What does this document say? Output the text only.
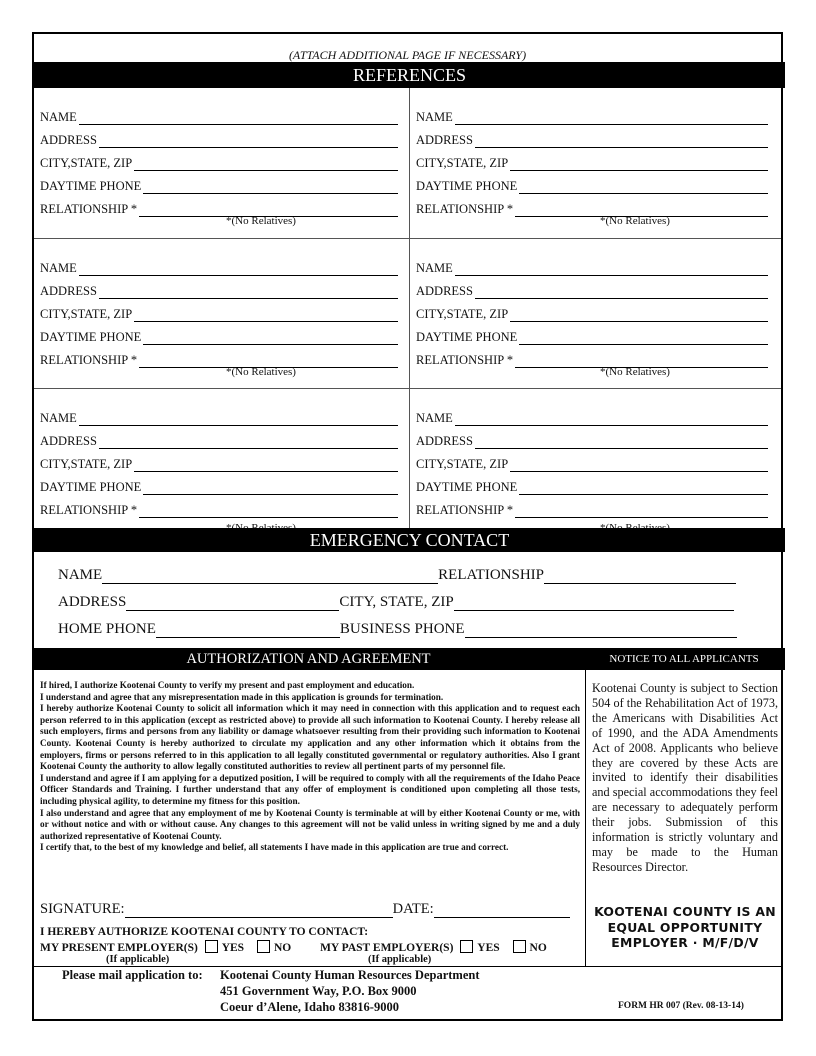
(ATTACH ADDITIONAL PAGE IF NECESSARY)
REFERENCES
NAME
ADDRESS
CITY,STATE, ZIP
DAYTIME PHONE
RELATIONSHIP *
*(No Relatives)
NAME
ADDRESS
CITY,STATE, ZIP
DAYTIME PHONE
RELATIONSHIP *
*(No Relatives)
NAME
ADDRESS
CITY,STATE, ZIP
DAYTIME PHONE
RELATIONSHIP *
*(No Relatives)
NAME
ADDRESS
CITY,STATE, ZIP
DAYTIME PHONE
RELATIONSHIP *
*(No Relatives)
NAME
ADDRESS
CITY,STATE, ZIP
DAYTIME PHONE
RELATIONSHIP *
NAME
ADDRESS
CITY,STATE, ZIP
DAYTIME PHONE
RELATIONSHIP *
EMERGENCY CONTACT
NAME	RELATIONSHIP
ADDRESS	CITY, STATE, ZIP
HOME PHONE	BUSINESS PHONE
AUTHORIZATION AND AGREEMENT	NOTICE TO ALL APPLICANTS
If hired, I authorize Kootenai County to verify my present and past employment and education.
I understand and agree that any misrepresentation made in this application is grounds for termination.
I hereby authorize Kootenai County to solicit all information which it may need in connection with this application and to request each person referred to in this application (except as restricted above) to provide all such information to Kootenai County. I hereby release all such employers, firms and persons from any liability or damage whatsoever resulting from their providing such information to Kootenai County. Kootenai County is hereby authorized to circulate my application and any other information which it obtains from the employers, firms or persons referred to in this application to all legally constituted governmental or regulatory authorities. Also I grant Kootenai County the authority to allow legally constituted authorities to review all pertinent parts of my personnel file.
I understand and agree if I am applying for a deputized position, I will be required to comply with all the requirements of the Idaho Peace Officer Standards and Training. I further understand that any offer of employment is conditioned upon completing all those tests, including physical agility, to determine my fitness for this position.
I also understand and agree that any employment of me by Kootenai County is terminable at will by either Kootenai County or me, with or without notice and with or without cause. Any changes to this agreement will not be valid unless in writing signed by me and a duly authorized representative of Kootenai County.
I certify that, to the best of my knowledge and belief, all statements I have made in this application are true and correct.
Kootenai County is subject to Section 504 of the Rehabilitation Act of 1973, the Americans with Disabilities Act of 1990, and the ADA Amendments Act of 2008. Applicants who believe they are covered by these Acts are invited to identify their disabilities and special accommodations they feel are necessary to adequately perform their jobs. Submission of this information is strictly voluntary and may be made to the Human Resources Director.
KOOTENAI COUNTY IS AN EQUAL OPPORTUNITY EMPLOYER · M/F/D/V
SIGNATURE:	DATE:
I HEREBY AUTHORIZE KOOTENAI COUNTY TO CONTACT:
MY PRESENT EMPLOYER(S) YES	NO	MY PAST EMPLOYER(S) YES	NO
(If applicable)	(If applicable)
Please mail application to: Kootenai County Human Resources Department
451 Government Way, P.O. Box 9000
Coeur d’Alene, Idaho 83816-9000	FORM HR 007 (Rev. 08-13-14)
